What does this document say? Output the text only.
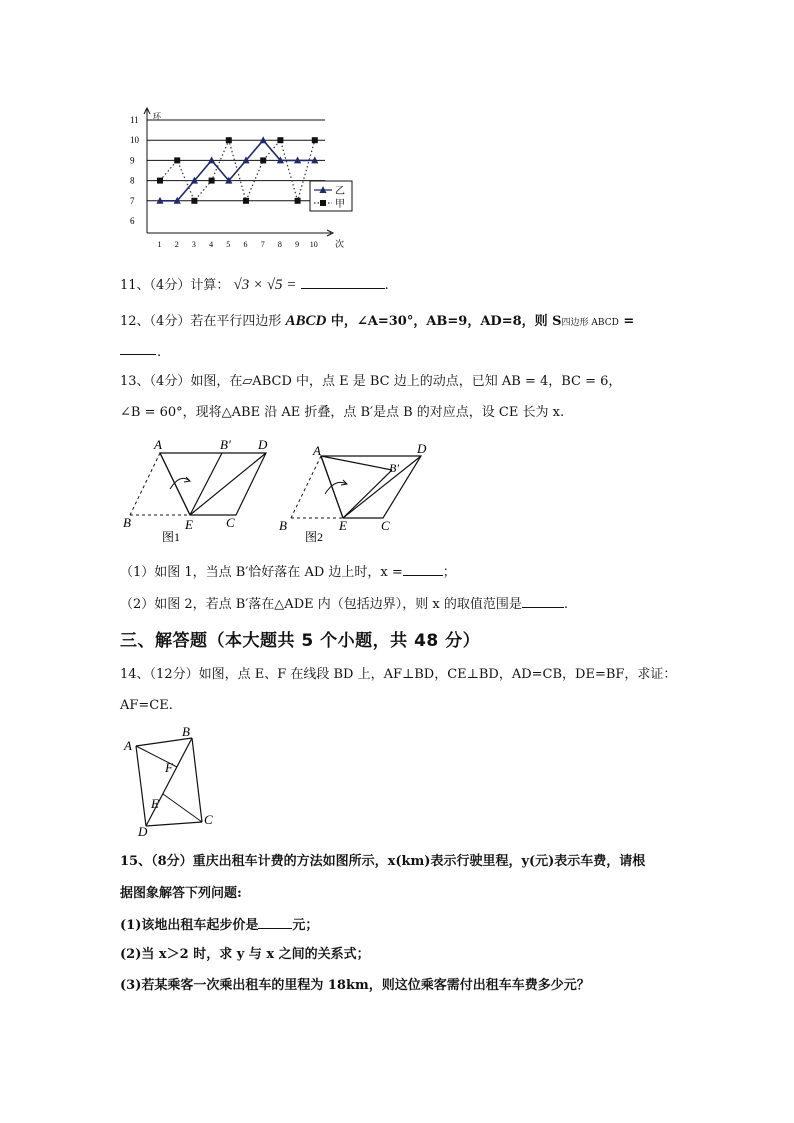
环
次
6
7
8
9
10
11
1 2 3 4 5 6 7 8 9 10
乙
甲
11、（4分）计算： √3 × √5 =	.
12、（4分）若在平行四边形 ABCD 中，∠A=30°，AB=9，AD=8，则 S四边形 ABCD =
.
13、（4分）如图，在▱ABCD 中，点 E 是 BC 边上的动点，已知 AB = 4，BC = 6，
∠B = 60°，现将△ABE 沿 AE 折叠，点 B′是点 B 的对应点，设 CE 长为 x.
A	B′ D
B	E	C
图1
A
B′
D
B	E	C
图2
（1）如图 1，当点 B′恰好落在 AD 边上时，x =	；
（2）如图 2，若点 B′落在△ADE 内（包括边界），则 x 的取值范围是	.
三、解答题（本大题共 5 个小题，共 48 分）
14、（12分）如图，点 E、F 在线段 BD 上，AF⊥BD，CE⊥BD，AD=CB，DE=BF，求证：
AF=CE.
A
B
F
E
D
C
15、（8分）重庆出租车计费的方法如图所示，x(km)表示行驶里程，y(元)表示车费，请根
据图象解答下列问题:
(1)该地出租车起步价是	元；
(2)当 x＞2 时，求 y 与 x 之间的关系式；
(3)若某乘客一次乘出租车的里程为 18km，则这位乘客需付出租车车费多少元？
